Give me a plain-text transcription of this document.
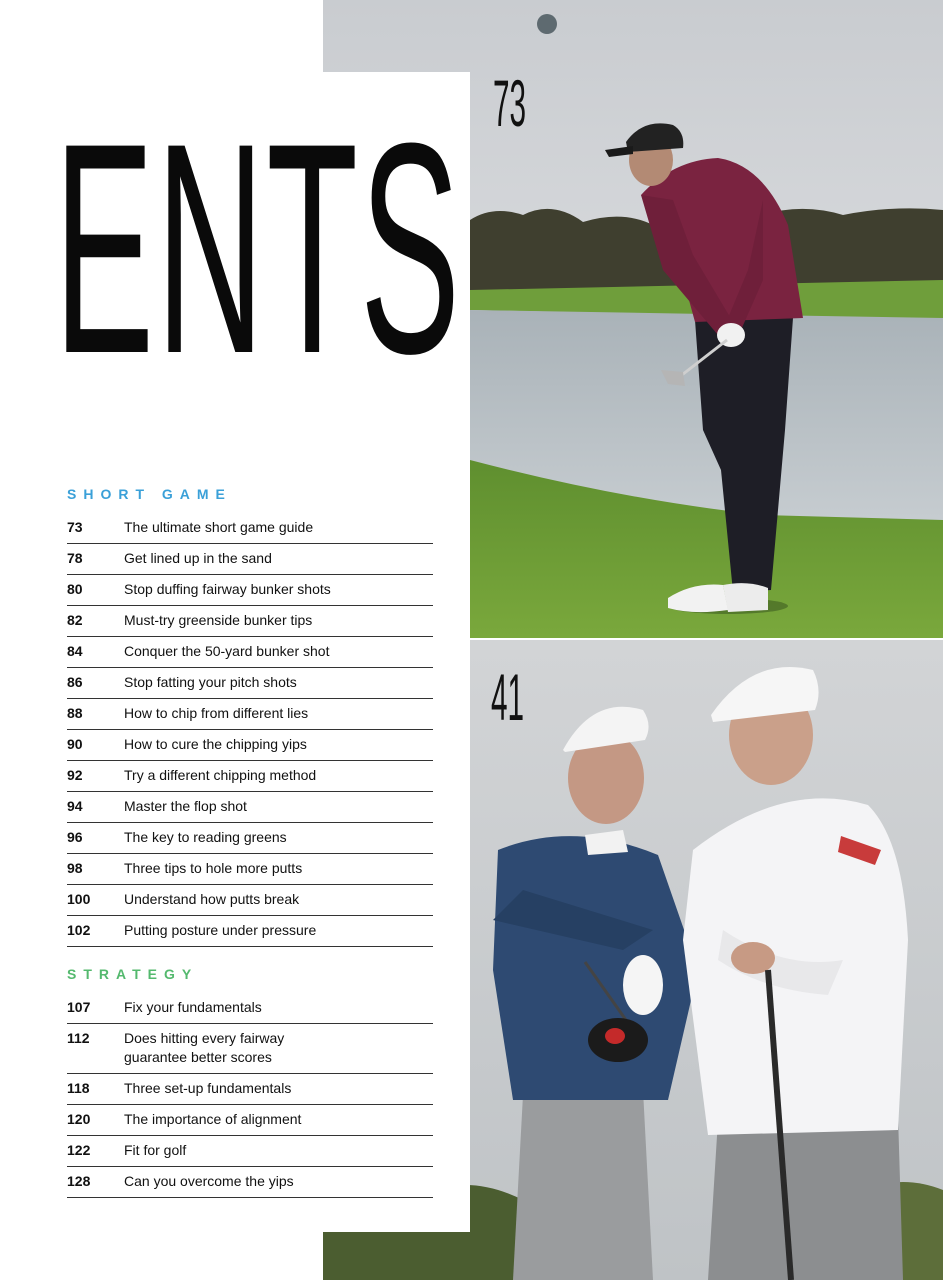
ENTS 73
41
SHORT GAME
73	The ultimate short game guide
78	Get lined up in the sand
80	Stop duffing fairway bunker shots
82	Must-try greenside bunker tips
84	Conquer the 50-yard bunker shot
86	Stop fatting your pitch shots
88	How to chip from different lies
90	How to cure the chipping yips
92	Try a different chipping method
94	Master the flop shot
96	The key to reading greens
98	Three tips to hole more putts
100	Understand how putts break
102	Putting posture under pressure
STRATEGY
107	Fix your fundamentals
112	Does hitting every fairway guarantee better scores
118	Three set-up fundamentals
120	The importance of alignment
122	Fit for golf
128	Can you overcome the yips
